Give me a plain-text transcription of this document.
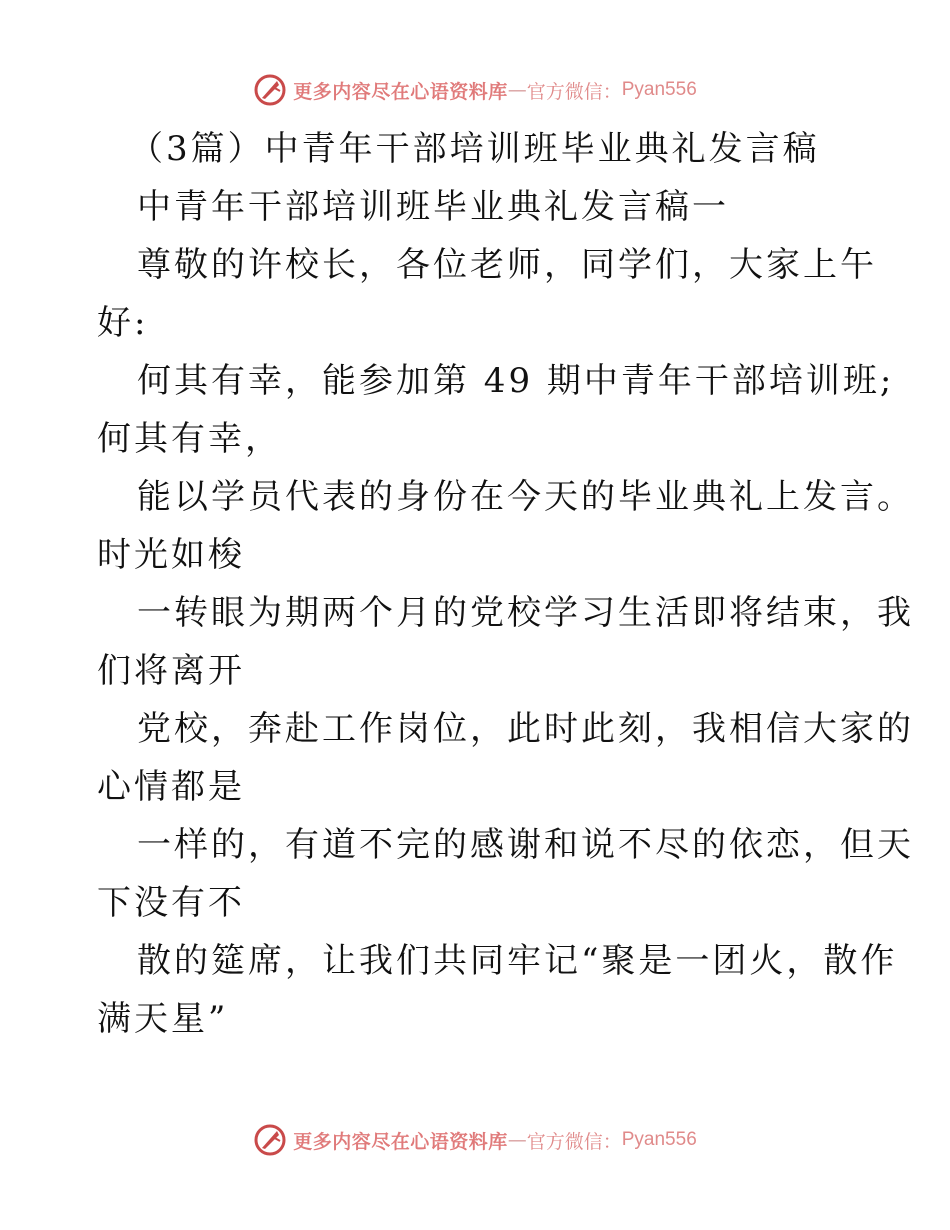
更多内容尽在心语资料库 — 官方微信： Pyan556
（3篇）中青年干部培训班毕业典礼发言稿
中青年干部培训班毕业典礼发言稿一
尊敬的许校长，各位老师，同学们，大家上午
好:
何其有幸，能参加第 49 期中青年干部培训班;
何其有幸，
能以学员代表的身份在今天的毕业典礼上发言。
时光如梭
一转眼为期两个月的党校学习生活即将结束，我
们将离开
党校，奔赴工作岗位，此时此刻，我相信大家的
心情都是
一样的，有道不完的感谢和说不尽的依恋，但天
下没有不
散的筵席，让我们共同牢记“聚是一团火，散作
满天星”
更多内容尽在心语资料库 — 官方微信： Pyan556
